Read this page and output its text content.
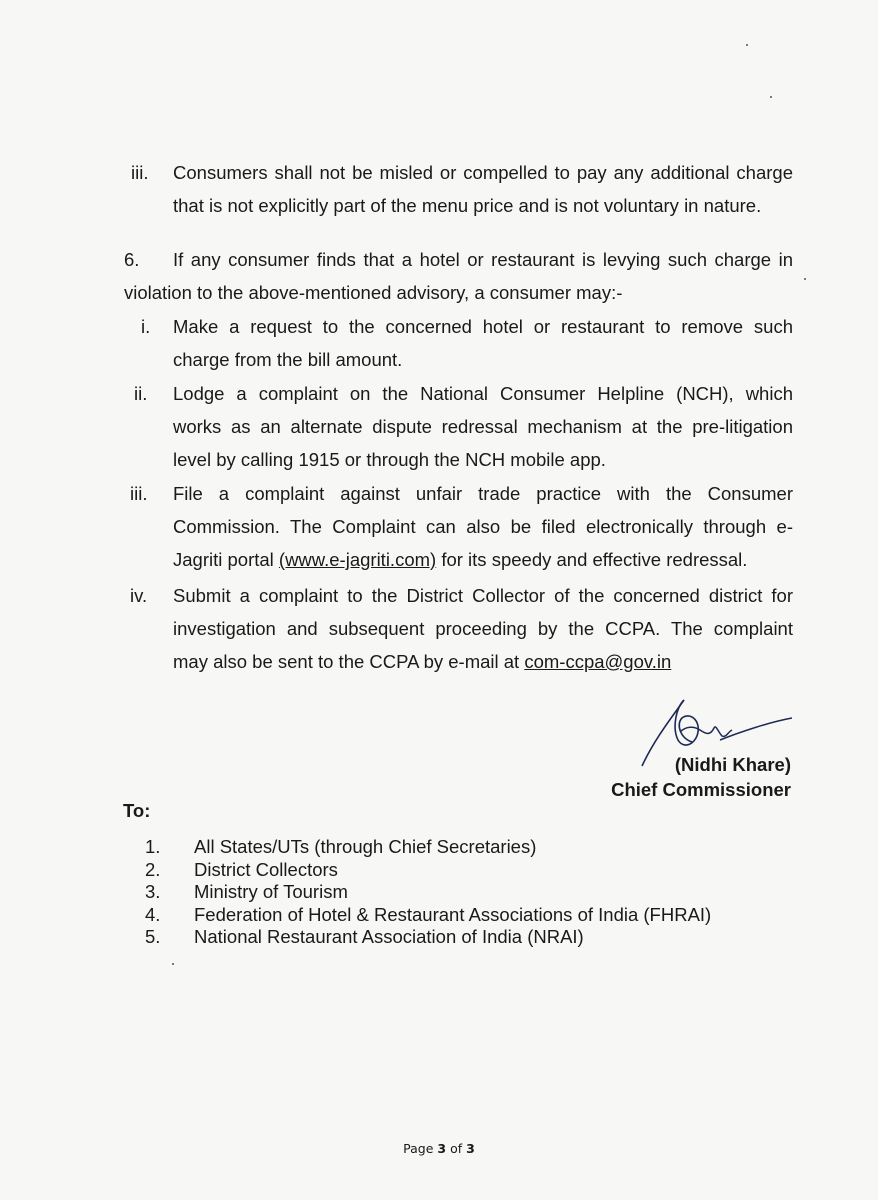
iii. Consumers shall not be misled or compelled to pay any additional charge
that is not explicitly part of the menu price and is not voluntary in nature.
6. If any consumer finds that a hotel or restaurant is levying such charge in
violation to the above-mentioned advisory, a consumer may:-
i. Make a request to the concerned hotel or restaurant to remove such
charge from the bill amount.
ii. Lodge a complaint on the National Consumer Helpline (NCH), which
works as an alternate dispute redressal mechanism at the pre-litigation
level by calling 1915 or through the NCH mobile app.
iii. File a complaint against unfair trade practice with the Consumer
Commission. The Complaint can also be filed electronically through e-
Jagriti portal (www.e-jagriti.com) for its speedy and effective redressal.
iv. Submit a complaint to the District Collector of the concerned district for
investigation and subsequent proceeding by the CCPA. The complaint
may also be sent to the CCPA by e-mail at com-ccpa@gov.in
(Nidhi Khare)
Chief Commissioner
To:
1. All States/UTs (through Chief Secretaries)
2. District Collectors
3. Ministry of Tourism
4. Federation of Hotel & Restaurant Associations of India (FHRAI)
5. National Restaurant Association of India (NRAI)
Page 3 of 3
